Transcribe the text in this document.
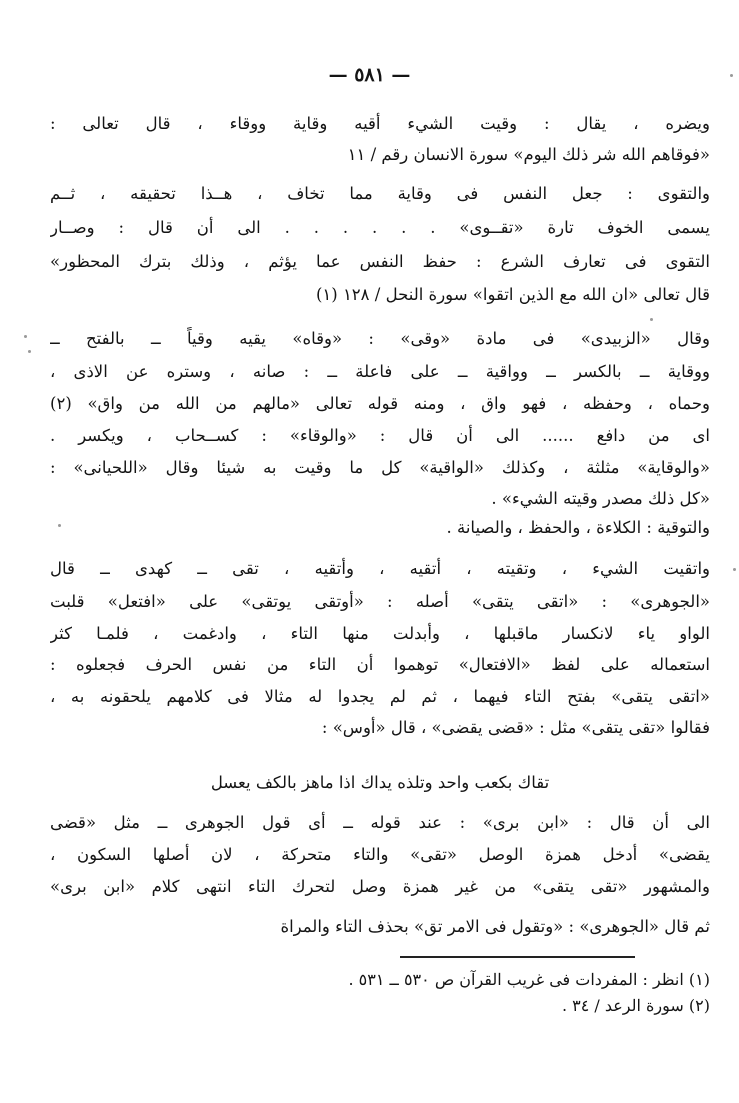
— ٥٨١ —
ويضره ، يقال : وقيت الشيء أقيه وقاية ووقاء ، قال تعالى :
«فوقاهم الله شر ذلك اليوم» سورة الانسان رقم / ١١
والتقوى : جعل النفس فى وقاية مما تخاف ، هــذا تحقيقه ، ثــم
يسمى الخوف تارة «تقــوى» . . . . . . الى أن قال : وصــار
التقوى فى تعارف الشرع : حفظ النفس عما يؤثم ، وذلك بترك المحظور»
قال تعالى «ان الله مع الذين اتقوا» سورة النحل / ١٢٨ (١)
وقال «الزبيدى» فى مادة «وقى» : «وقاه» يقيه وقياً ــ بالفتح ــ
ووقاية ــ بالكسر ــ وواقية ــ على فاعلة ــ : صانه ، وستره عن الاذى ،
وحماه ، وحفظه ، فهو واق ، ومنه قوله تعالى «مالهم من الله من واق» (٢)
اى من دافع ...... الى أن قال : «والوقاء» : كســحاب ، ويكسر .
«والوقاية» مثلثة ، وكذلك «الواقية» كل ما وقيت به شيئا وقال «اللحيانى» :
«كل ذلك مصدر وقيته الشيء» .
والتوقية : الكلاءة ، والحفظ ، والصيانة .
واتقيت الشيء ، وتقيته ، أتقيه ، وأتقيه ، تقى ــ كهدى ــ قال
«الجوهرى» : «اتقى يتقى» أصله : «أوتقى يوتقى» على «افتعل» قلبت
الواو ياء لانكسار ماقبلها ، وأبدلت منها التاء ، وادغمت ، فلمـا كثر
استعماله على لفظ «الافتعال» توهموا أن التاء من نفس الحرف فجعلوه :
«اتقى يتقى» بفتح التاء فيهما ، ثم لم يجدوا له مثالا فى كلامهم يلحقونه به ،
فقالوا «تقى يتقى» مثل : «قضى يقضى» ، قال «أوس» :
تقاك بكعب واحد وتلذه يداك اذا ماهز بالكف يعسل
الى أن قال : «ابن برى» : عند قوله ــ أى قول الجوهرى ــ مثل «قضى
يقضى» أدخل همزة الوصل «تقى» والتاء متحركة ، لان أصلها السكون ،
والمشهور «تقى يتقى» من غير همزة وصل لتحرك التاء انتهى كلام «ابن برى»
ثم قال «الجوهرى» : «وتقول فى الامر تق» بحذف التاء والمراة
(١) انظر : المفردات فى غريب القرآن ص ٥٣٠ ــ ٥٣١ .
(٢) سورة الرعد / ٣٤ .
